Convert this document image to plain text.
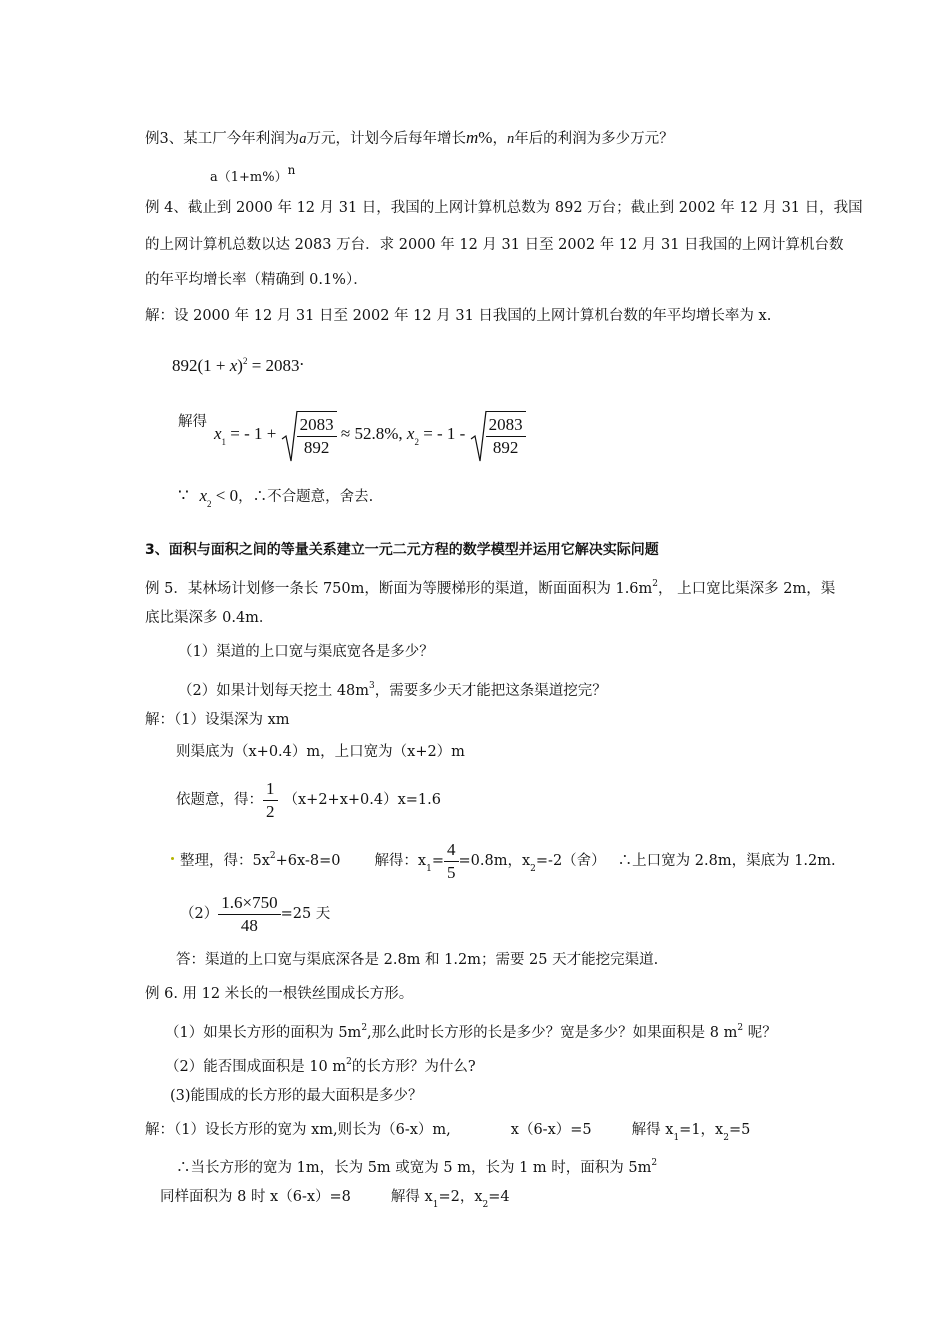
例3、某工厂今年利润为a万元，计划今后每年增长m%，n年后的利润为多少万元？
a（1+m%）n
例 4、截止到 2000 年 12 月 31 日，我国的上网计算机总数为 892 万台；截止到 2002 年 12 月 31 日，我国
的上网计算机总数以达 2083 万台．求 2000 年 12 月 31 日至 2002 年 12 月 31 日我国的上网计算机台数
的年平均增长率（精确到 0.1%）．
解：设 2000 年 12 月 31 日至 2002 年 12 月 31 日我国的上网计算机台数的年平均增长率为 x.
$892(1 + x)^2 = 2083$.
解得
$x_1$ = - $1 + \frac{2083}{892} \approx 52.8\%$, $x_2$ = - $1 - \frac{2083}{892}$
∵ $x_2 < 0$，∴不合题意，舍去.
3、面积与面积之间的等量关系建立一元二元方程的数学模型并运用它解决实际问题
例 5．某林场计划修一条长 750m，断面为等腰梯形的渠道，断面面积为 $1.6m^2$， 上口宽比渠深多 2m，渠
底比渠深多 0.4m．
（1）渠道的上口宽与渠底宽各是多少？
（2）如果计划每天挖土 $48m^3$，需要多少天才能把这条渠道挖完？
解：（1）设渠深为 xm
则渠底为（x+0.4）m，上口宽为（x+2）m
依题意，得： $\frac{1}{2} (x+2+x+0.4)x=1.6$
整理，得：$5x^2+6x-8=0$ 解得：$x_1= \frac{4}{5} =0.8m$，$x_2=-2$（舍） ∴上口宽为 2.8m，渠底为 1.2m.
$(2) \frac{1.6\times 750}{48} =25$ 天
答：渠道的上口宽与渠底深各是 2.8m 和 1.2m；需要 25 天才能挖完渠道.
例 6. 用 12 米长的一根铁丝围成长方形。
（1）如果长方形的面积为 $5m^2$,那么此时长方形的长是多少？宽是多少？如果面积是 8 $m^2$ 呢？
（2）能否围成面积是 10 $m^2$的长方形？为什么?
(3)能围成的长方形的最大面积是多少？
解：（1）设长方形的宽为 xm,则长为（6-x）m,	x（6-x）=5	解得 $x_1=1$，$x_2=5$
∴当长方形的宽为 1m，长为 5m 或宽为 5 m，长为 1 m 时，面积为 $5m^2$
同样面积为 8 时 x（6-x）=8	解得 $x_1=2$，$x_2=4$
